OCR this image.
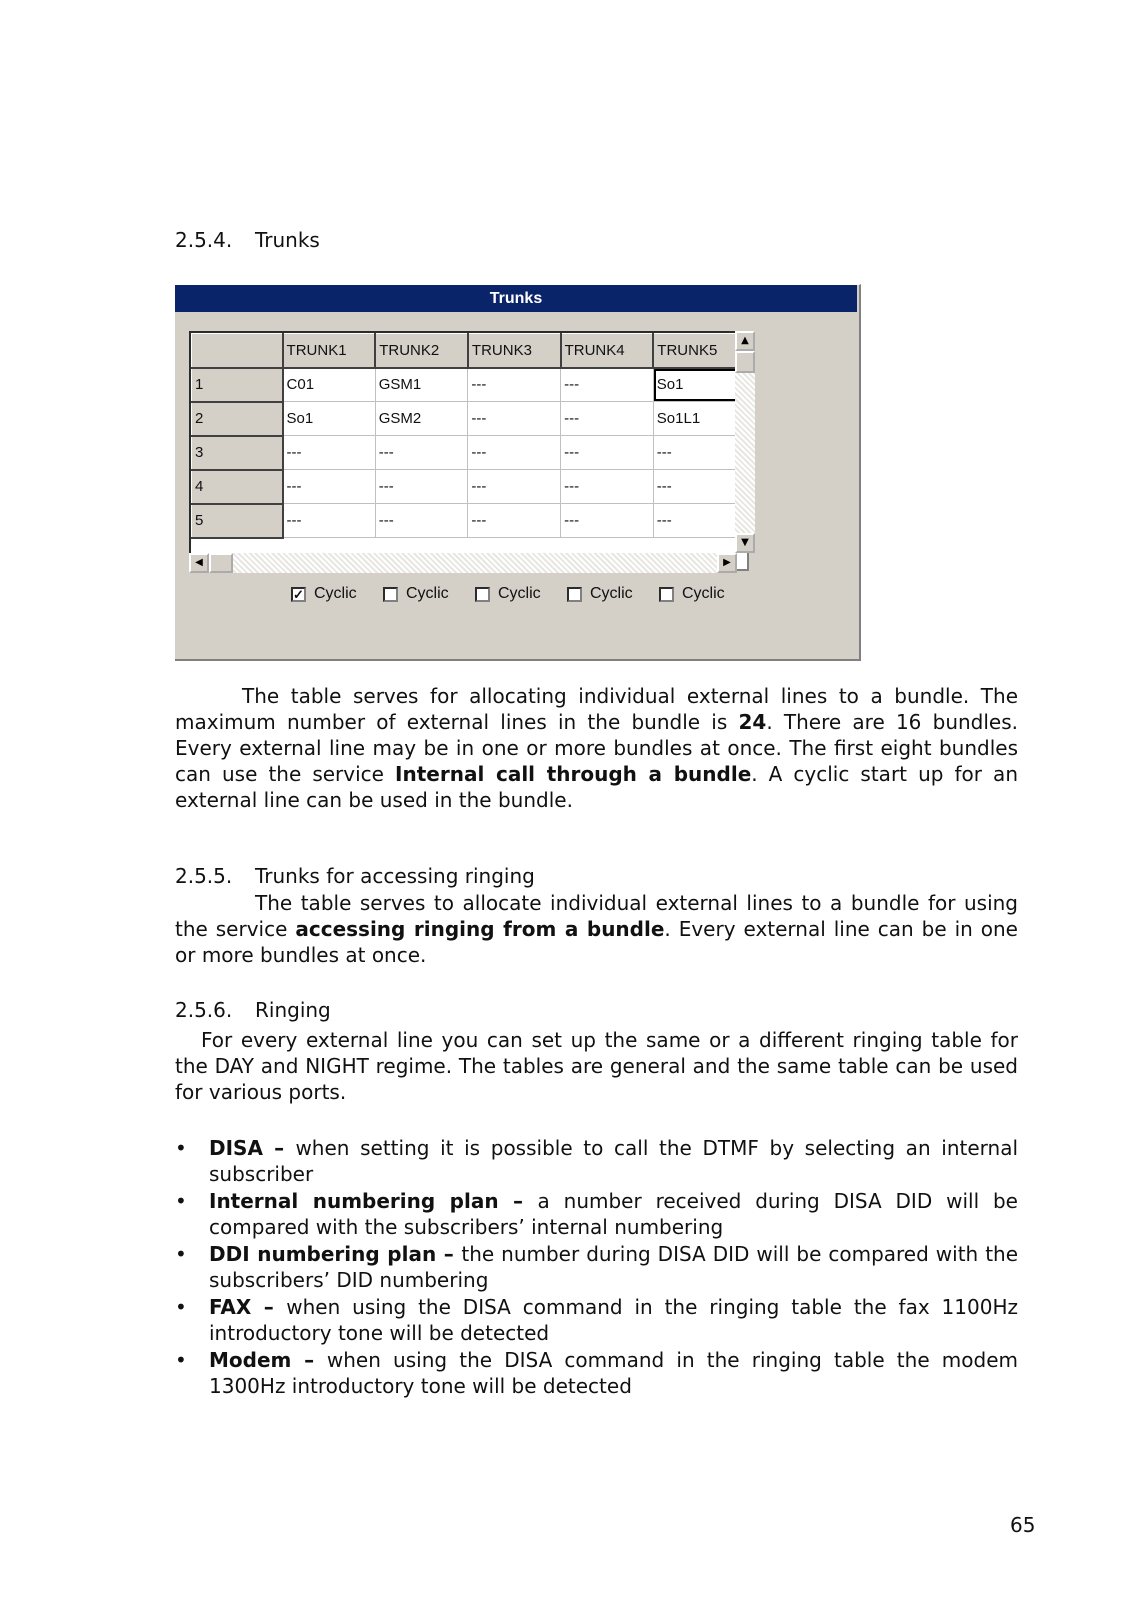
2.5.4. Trunks
Trunks
	TRUNK1	TRUNK2	TRUNK3	TRUNK4	TRUNK5
1	C01	GSM1	---	---	So1
2	So1	GSM2	---	---	So1L1
3	---	---	---	---	---
4	---	---	---	---	---
5	---	---	---	---	---
▲
▼
◀	▶
✓ Cyclic	Cyclic	Cyclic	Cyclic	Cyclic
The table serves for allocating individual external lines to a bundle. The maximum number of external lines in the bundle is 24. There are 16 bundles. Every external line may be in one or more bundles at once. The first eight bundles can use the service Internal call through a bundle. A cyclic start up for an external line can be used in the bundle.
2.5.5. Trunks for accessing ringing
The table serves to allocate individual external lines to a bundle for using the service accessing ringing from a bundle. Every external line can be in one or more bundles at once.
2.5.6. Ringing
For every external line you can set up the same or a different ringing table for the DAY and NIGHT regime. The tables are general and the same table can be used for various ports.
• DISA – when setting it is possible to call the DTMF by selecting an internal subscriber
• Internal numbering plan – a number received during DISA DID will be compared with the subscribers’ internal numbering
• DDI numbering plan – the number during DISA DID will be compared with the subscribers’ DID numbering
• FAX – when using the DISA command in the ringing table the fax 1100Hz introductory tone will be detected
• Modem – when using the DISA command in the ringing table the modem 1300Hz introductory tone will be detected
65
